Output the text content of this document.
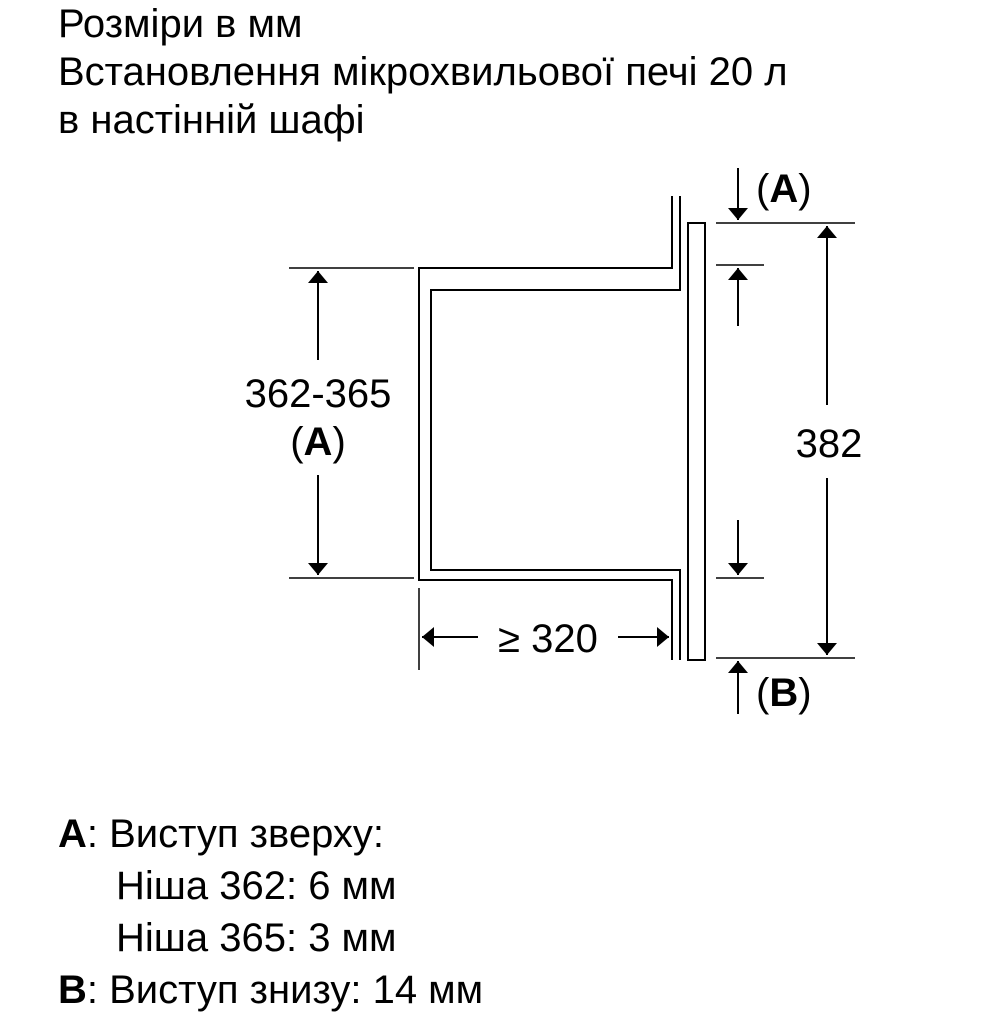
Розміри в мм
Встановлення мікрохвильової печі 20 л
в настінній шафі
362-365
(A)
≥ 320
382
(A)
(B)
A: Виступ зверху:
Ніша 362: 6 мм
Ніша 365: 3 мм
B: Виступ знизу: 14 мм
